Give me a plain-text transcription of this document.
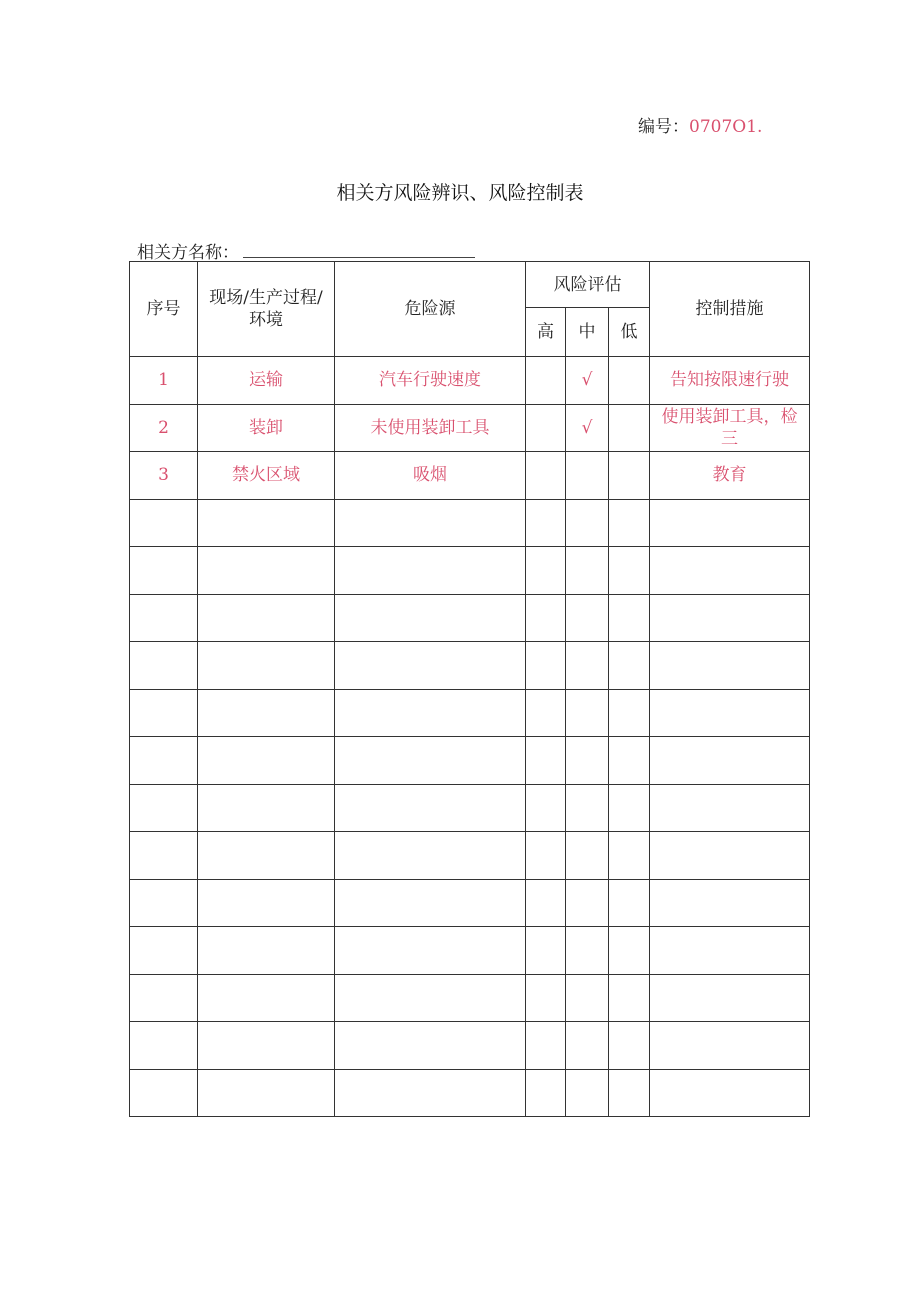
编号：0707O1.
相关方风险辨识、风险控制表
相关方名称：
序号	现场/生产过程/环境	危险源	风险评估			控制措施
			高	中	低	
1	运输	汽车行驶速度		√		告知按限速行驶

2	装卸	未使用装卸工具		√		使用装卸工具，检三

3	禁火区域	吸烟				教育
